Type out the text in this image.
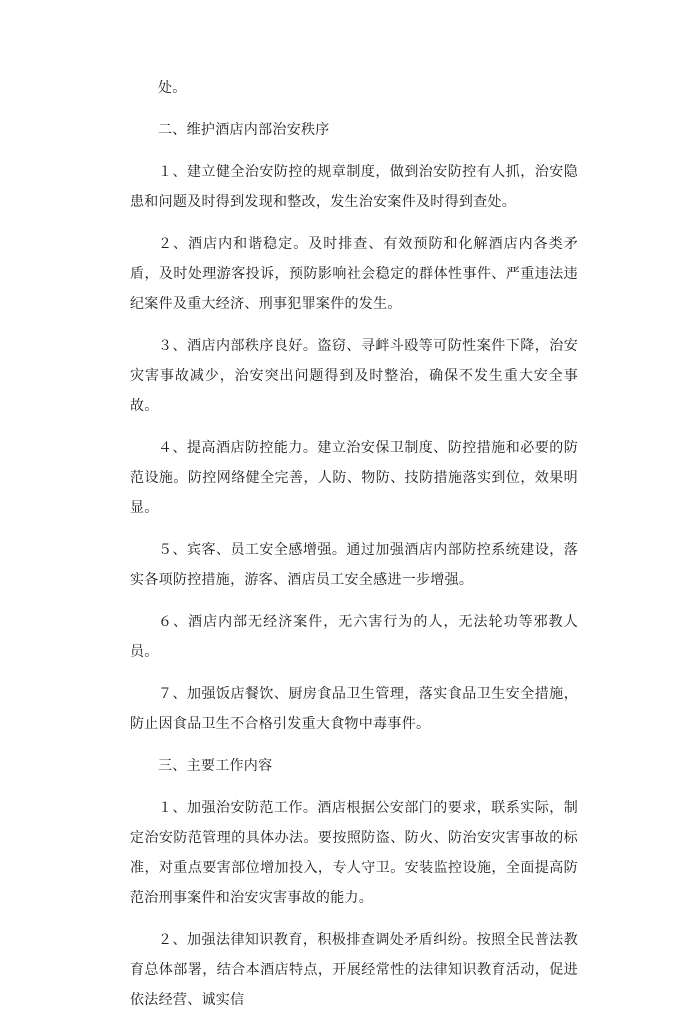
处。

二、维护酒店内部治安秩序

１、建立健全治安防控的规章制度，做到治安防控有人抓，治安隐患和问题及时得到发现和整改，发生治安案件及时得到查处。

２、酒店内和谐稳定。及时排查、有效预防和化解酒店内各类矛盾，及时处理游客投诉，预防影响社会稳定的群体性事件、严重违法违纪案件及重大经济、刑事犯罪案件的发生。

３、酒店内部秩序良好。盗窃、寻衅斗殴等可防性案件下降，治安灾害事故减少，治安突出问题得到及时整治，确保不发生重大安全事故。

４、提高酒店防控能力。建立治安保卫制度、防控措施和必要的防范设施。防控网络健全完善，人防、物防、技防措施落实到位，效果明显。

５、宾客、员工安全感增强。通过加强酒店内部防控系统建设，落实各项防控措施，游客、酒店员工安全感进一步增强。

６、酒店内部无经济案件，无六害行为的人，无法轮功等邪教人员。

７、加强饭店餐饮、厨房食品卫生管理，落实食品卫生安全措施，防止因食品卫生不合格引发重大食物中毒事件。

三、主要工作内容

１、加强治安防范工作。酒店根据公安部门的要求，联系实际，制定治安防范管理的具体办法。要按照防盗、防火、防治安灾害事故的标准，对重点要害部位增加投入，专人守卫。安装监控设施，全面提高防范治刑事案件和治安灾害事故的能力。

２、加强法律知识教育，积极排查调处矛盾纠纷。按照全民普法教育总体部署，结合本酒店特点，开展经常性的法律知识教育活动，促进依法经营、诚实信
